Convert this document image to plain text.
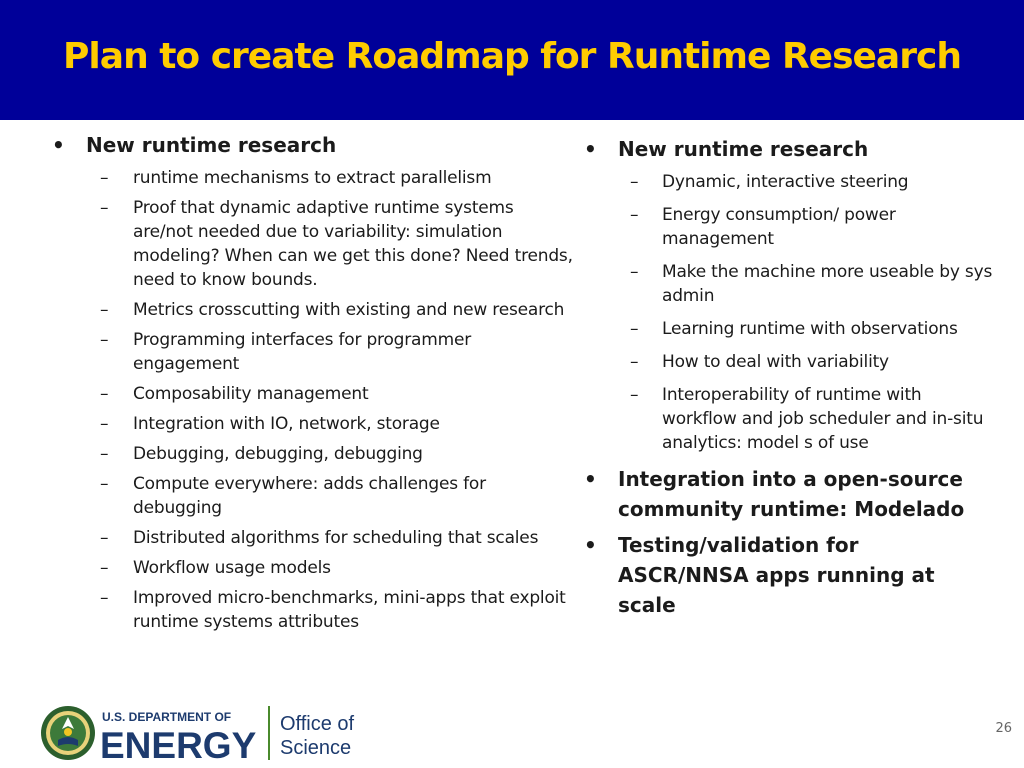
Plan to create Roadmap for Runtime Research
• New runtime research
– runtime mechanisms to extract parallelism
– Proof that dynamic adaptive runtime systems are/not needed due to variability: simulation modeling? When can we get this done? Need trends, need to know bounds.
– Metrics crosscutting with existing and new research
– Programming interfaces for programmer engagement
– Composability management
– Integration with IO, network, storage
– Debugging, debugging, debugging
– Compute everywhere: adds challenges for debugging
– Distributed algorithms for scheduling that scales
– Workflow usage models
– Improved micro-benchmarks, mini-apps that exploit runtime systems attributes
• New runtime research
– Dynamic, interactive steering
– Energy consumption/ power management
– Make the machine more useable by sys admin
– Learning runtime with observations
– How to deal with variability
– Interoperability of runtime with workflow and job scheduler and in-situ analytics: model s of use
• Integration into a open-source community runtime: Modelado
• Testing/validation for ASCR/NNSA apps running at scale
U.S. DEPARTMENT OF
ENERGY
Office of
Science
26
